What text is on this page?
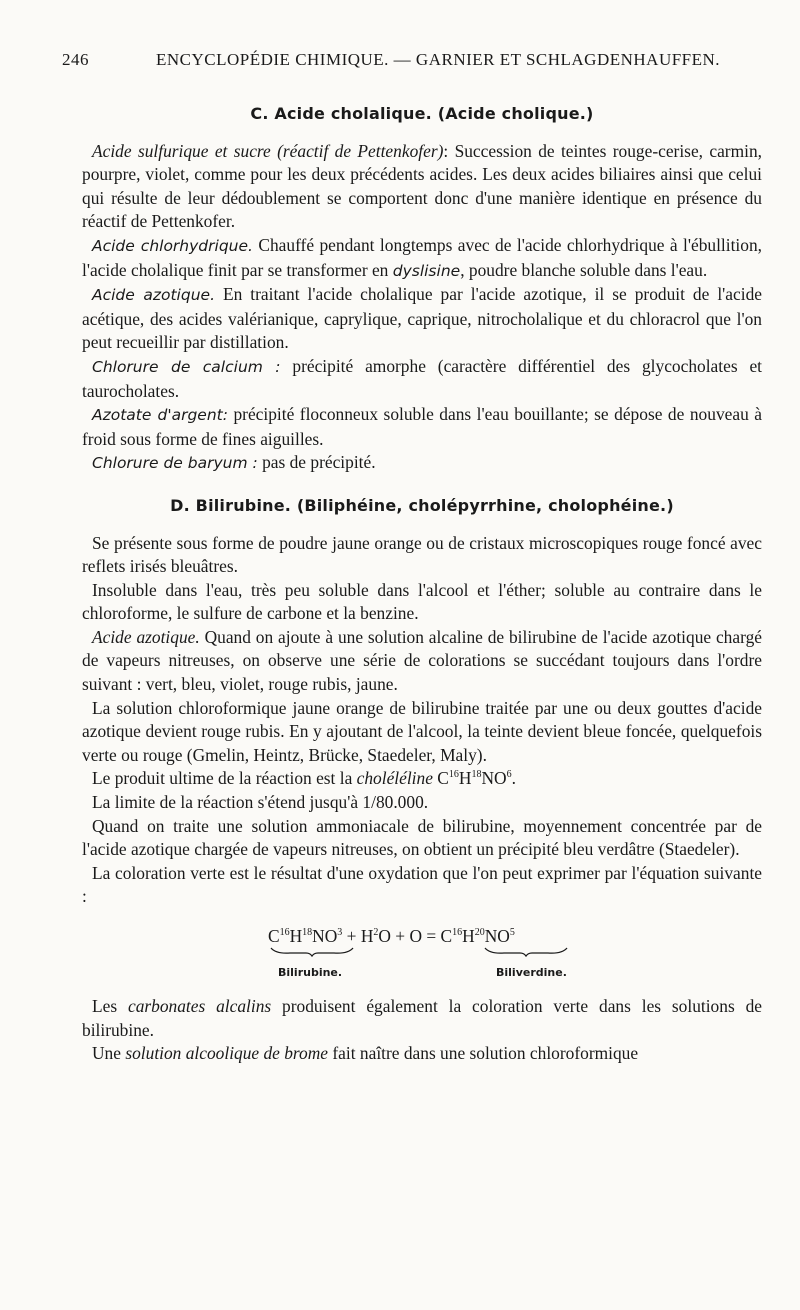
246	ENCYCLOPÉDIE CHIMIQUE. — GARNIER ET SCHLAGDENHAUFFEN.
C. Acide cholalique. (Acide cholique.)

Acide sulfurique et sucre (réactif de Pettenkofer): Succession de teintes rouge-cerise, carmin, pourpre, violet, comme pour les deux précédents acides. Les deux acides biliaires ainsi que celui qui résulte de leur dédoublement se comportent donc d'une manière identique en présence du réactif de Pettenkofer.

Acide chlorhydrique. Chauffé pendant longtemps avec de l'acide chlorhydrique à l'ébullition, l'acide cholalique finit par se transformer en dyslisine, poudre blanche soluble dans l'eau.

Acide azotique. En traitant l'acide cholalique par l'acide azotique, il se produit de l'acide acétique, des acides valérianique, caprylique, caprique, nitrocholalique et du chloracrol que l'on peut recueillir par distillation.

Chlorure de calcium : précipité amorphe (caractère différentiel des glycocholates et taurocholates.

Azotate d'argent: précipité floconneux soluble dans l'eau bouillante; se dépose de nouveau à froid sous forme de fines aiguilles.

Chlorure de baryum : pas de précipité.

D. Bilirubine. (Biliphéine, cholépyrrhine, cholophéine.)

Se présente sous forme de poudre jaune orange ou de cristaux microscopiques rouge foncé avec reflets irisés bleuâtres.

Insoluble dans l'eau, très peu soluble dans l'alcool et l'éther; soluble au contraire dans le chloroforme, le sulfure de carbone et la benzine.

Acide azotique. Quand on ajoute à une solution alcaline de bilirubine de l'acide azotique chargé de vapeurs nitreuses, on observe une série de colorations se succédant toujours dans l'ordre suivant : vert, bleu, violet, rouge rubis, jaune.

La solution chloroformique jaune orange de bilirubine traitée par une ou deux gouttes d'acide azotique devient rouge rubis. En y ajoutant de l'alcool, la teinte devient bleue foncée, quelquefois verte ou rouge (Gmelin, Heintz, Brücke, Staedeler, Maly).

Le produit ultime de la réaction est la choléléline $C^{16}H^{18}NO^6$.

La limite de la réaction s'étend jusqu'à 1/80.000.

Quand on traite une solution ammoniacale de bilirubine, moyennement concentrée par de l'acide azotique chargée de vapeurs nitreuses, on obtient un précipité bleu verdâtre (Staedeler).

La coloration verte est le résultat d'une oxydation que l'on peut exprimer par l'équation suivante :

$C^{16}H^{18}NO^3 + H^2O + O = C^{16}H^{20}NO^5$
Bilirubine.	Biliverdine.

Les carbonates alcalins produisent également la coloration verte dans les solutions de bilirubine.

Une solution alcoolique de brome fait naître dans une solution chloroformique
